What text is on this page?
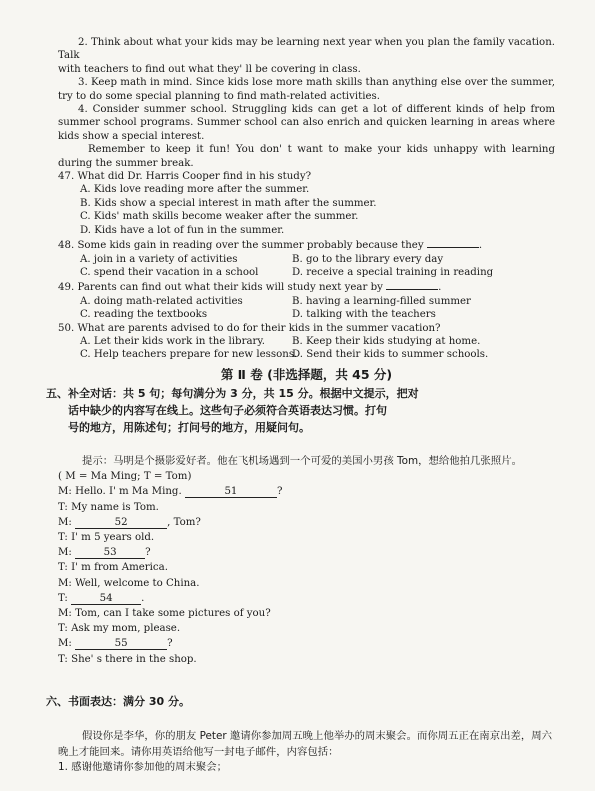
2. Think about what your kids may be learning next year when you plan the family vacation. Talk

with teachers to find out what they' ll be covering in class.

3. Keep math in mind. Since kids lose more math skills than anything else over the summer, try to do some special planning to find math-related activities.

4. Consider summer school. Struggling kids can get a lot of different kinds of help from summer school programs. Summer school can also enrich and quicken learning in areas where kids show a special interest.

Remember to keep it fun! You don' t want to make your kids unhappy with learning during the summer break.

47. What did Dr. Harris Cooper find in his study?

A. Kids love reading more after the summer.
B. Kids show a special interest in math after the summer.
C. Kids' math skills become weaker after the summer.
D. Kids have a lot of fun in the summer.

48. Some kids gain in reading over the summer probably because they	.

A. join in a variety of activities	B. go to the library every day
C. spend their vacation in a school	D. receive a special training in reading

49. Parents can find out what their kids will study next year by	.

A. doing math-related activities	B. having a learning-filled summer
C. reading the textbooks	D. talking with the teachers

50. What are parents advised to do for their kids in the summer vacation?

A. Let their kids work in the library.	B. Keep their kids studying at home.
C. Help teachers prepare for new lessons.
D. Send their kids to summer schools.
第 Ⅱ 卷 (非选择题，共 45 分)
五、补全对话：共 5 句；每句满分为 3 分，共 15 分。根据中文提示，把对
话中缺少的内容写在线上。这些句子必须符合英语表达习惯。打句
号的地方，用陈述句；打问号的地方，用疑问句。
提示：马明是个摄影爱好者。他在飞机场遇到一个可爱的美国小男孩 Tom，想给他拍几张照片。

( M = Ma Ming; T = Tom)

M: Hello. I' m Ma Ming.	51	?

T: My name is Tom.

M:	52	, Tom?

T: I' m 5 years old.

M:	53	?

T: I' m from America.

M: Well, welcome to China.

T:	54	.

M: Tom, can I take some pictures of you?

T: Ask my mom, please.

M:	55	?

T: She' s there in the shop.

六、书面表达：满分 30 分。
假设你是李华，你的朋友 Peter 邀请你参加周五晚上他举办的周末聚会。而你周五正在南京出差，周六晚上才能回来。请你用英语给他写一封电子邮件，内容包括：
1. 感谢他邀请你参加他的周末聚会；
